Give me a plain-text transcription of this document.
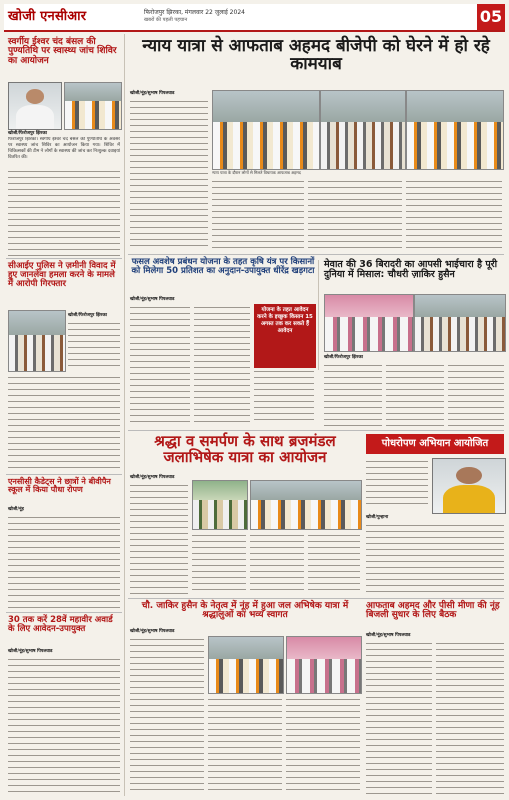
खोजी एनसीआर	फिरोजपुर झिरका, मंगलवार 22 जुलाई 2024
खबरों की पहली पहचान	05
स्वर्गीय ईश्वर चंद बंसल की पुण्यतिथि पर स्वास्थ्य जांच शिविर का आयोजन
खोजी/फिरोजपुर झिरका
फिरोजपुर झिरका। स्वर्गीय ईश्वर चंद बंसल की पुण्यतिथि के अवसर पर स्वास्थ्य जांच शिविर का आयोजन किया गया। शिविर में चिकित्सकों की टीम ने लोगों के स्वास्थ्य की जांच कर निःशुल्क दवाइयां वितरित की।
सीआईए पुलिस ने ज़मीनी विवाद में हुए जानलेवा हमला करने के मामले में आरोपी गिरफ्तार
खोजी/फिरोजपुर झिरका
एनसीसी कैडेट्स ने छात्रों ने बीवीपैन स्कूल में किया पौधा रोपण
खोजी/नूंह
30 तक करें 28वें महावीर अवार्ड के लिए आवेदन-उपायुक्त
खोजी/नूंह/सुभाष पिपलवाड
न्याय यात्रा से आफताब अहमद बीजेपी को घेरने में हो रहे कामयाब
खोजी/नूंह/सुभाष पिपलवाड
न्याय यात्रा के दौरान लोगों से मिलते विधायक आफताब अहमद
फसल अवशेष प्रबंधन योजना के तहत कृषि यंत्र पर किसानों को मिलेगा 50 प्रतिशत का अनुदान-उपायुक्त धीरेंद्र खड़गटा
खोजी/नूंह/सुभाष पिपलवाड
योजना के तहत आवेदन करने के इच्छुक किसान 15 अगस्त तक कर सकते हैं आवेदन
मेवात की 36 बिरादरी का आपसी भाईचारा है पूरी दुनिया में मिसाल: चौधरी ज़ाकिर हुसैन
खोजी/फिरोजपुर झिरका
श्रद्धा व समर्पण के साथ ब्रजमंडल जलाभिषेक यात्रा का आयोजन
खोजी/नूंह/सुभाष पिपलवाड
पोधरोपण अभियान आयोजित
खोजी/पुन्हाना
चौ. जाकिर हुसैन के नेतृत्व में नूंह में हुआ जल अभिषेक यात्रा में श्रद्धालुओं का भव्य स्वागत
खोजी/नूंह/सुभाष पिपलवाड
आफताब अहमद और पीसी मीणा की नूंह बिजली सुधार के लिए बैठक
खोजी/नूंह/सुभाष पिपलवाड
